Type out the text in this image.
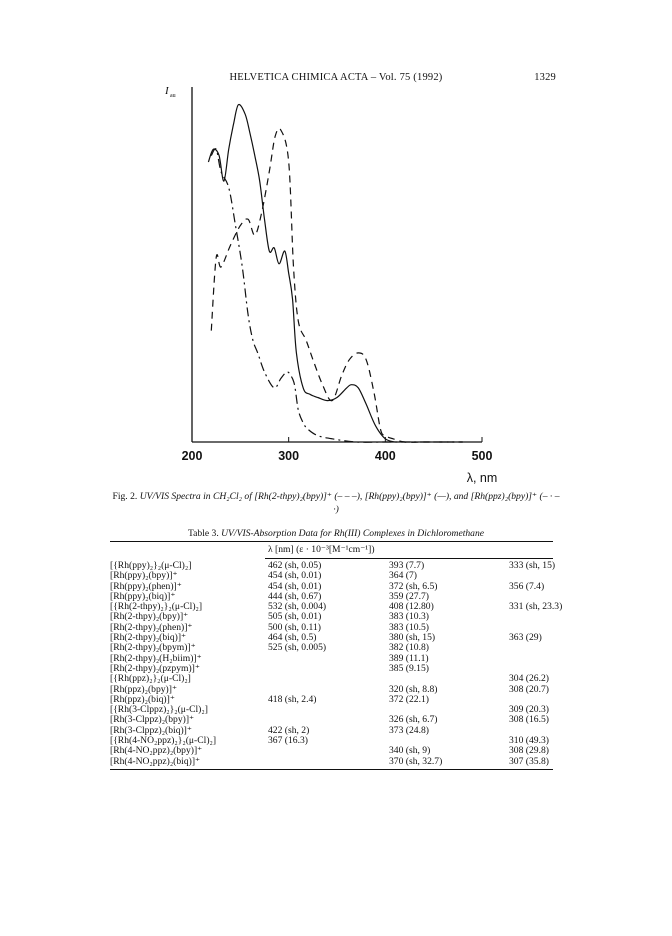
HELVETICA CHIMICA ACTA – Vol. 75 (1992)	1329
I au
200	300	400	500
λ, nm
Fig. 2. UV/VIS Spectra in CH₂Cl₂ of [Rh(2-thpy)₂(bpy)]⁺ (– – –), [Rh(ppy)₂(bpy)]⁺ (—), and [Rh(ppz)₂(bpy)]⁺ (– · – ·)
Table 3. UV/VIS-Absorption Data for Rh(III) Complexes in Dichloromethane
λ [nm] (ε · 10⁻³[M⁻¹cm⁻¹])
[{Rh(ppy)₂}₂(μ-Cl)₂]	462 (sh, 0.05)	393 (7.7)	333 (sh, 15)
[Rh(ppy)₂(bpy)]⁺	454 (sh, 0.01)	364 (7)	
[Rh(ppy)₂(phen)]⁺	454 (sh, 0.01)	372 (sh, 6.5)	356 (7.4)
[Rh(ppy)₂(biq)]⁺	444 (sh, 0.67)	359 (27.7)	
[{Rh(2-thpy)₂}₂(μ-Cl)₂]	532 (sh, 0.004)	408 (12.80)	331 (sh, 23.3)
[Rh(2-thpy)₂(bpy)]⁺	505 (sh, 0.01)	383 (10.3)	
[Rh(2-thpy)₂(phen)]⁺	500 (sh, 0.11)	383 (10.5)	
[Rh(2-thpy)₂(biq)]⁺	464 (sh, 0.5)	380 (sh, 15)	363 (29)
[Rh(2-thpy)₂(bpym)]⁺	525 (sh, 0.005)	382 (10.8)	
[Rh(2-thpy)₂(H₂biim)]⁺		389 (11.1)	
[Rh(2-thpy)₂(pzpym)]⁺		385 (9.15)	
[{Rh(ppz)₂}₂(μ-Cl)₂]			304 (26.2)
[Rh(ppz)₂(bpy)]⁺		320 (sh, 8.8)	308 (20.7)
[Rh(ppz)₂(biq)]⁺	418 (sh, 2.4)	372 (22.1)	
[{Rh(3-Clppz)₂}₂(μ-Cl)₂]			309 (20.3)
[Rh(3-Clppz)₂(bpy)]⁺		326 (sh, 6.7)	308 (16.5)
[Rh(3-Clppz)₂(biq)]⁺	422 (sh, 2)	373 (24.8)	
[{Rh(4-NO₂ppz)₂}₂(μ-Cl)₂]	367 (16.3)		310 (49.3)
[Rh(4-NO₂ppz)₂(bpy)]⁺		340 (sh, 9)	308 (29.8)
[Rh(4-NO₂ppz)₂(biq)]⁺		370 (sh, 32.7)	307 (35.8)
